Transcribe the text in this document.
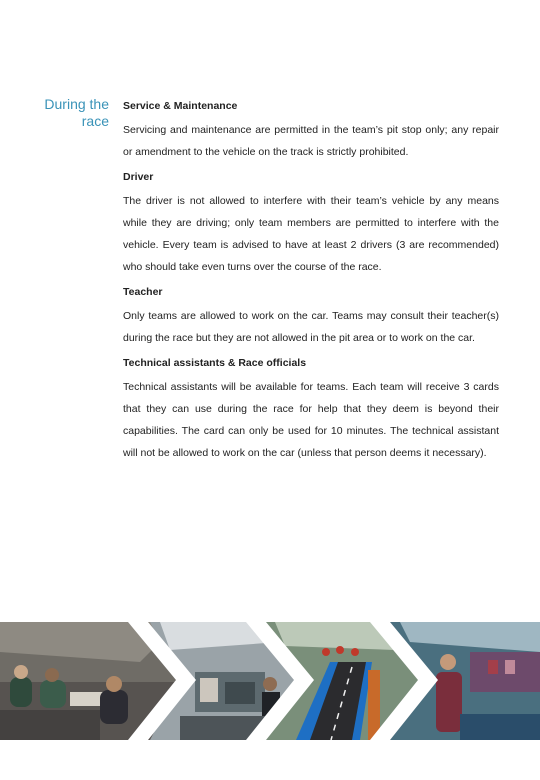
During the
race
Service & Maintenance
Servicing and maintenance are permitted in the team’s pit stop only; any repair or amendment to the vehicle on the track is strictly prohibited.
Driver
The driver is not allowed to interfere with their team’s vehicle by any means while they are driving; only team members are permitted to interfere with the vehicle. Every team is advised to have at least 2 drivers (3 are recommended) who should take even turns over the course of the race.
Teacher
Only teams are allowed to work on the car. Teams may consult their teacher(s) during the race but they are not allowed in the pit area or to work on the car.
Technical assistants & Race officials
Technical assistants will be available for teams. Each team will receive 3 cards that they can use during the race for help that they deem is beyond their capabilities. The card can only be used for 10 minutes. The technical assistant will not be allowed to work on the car (unless that person deems it necessary).
